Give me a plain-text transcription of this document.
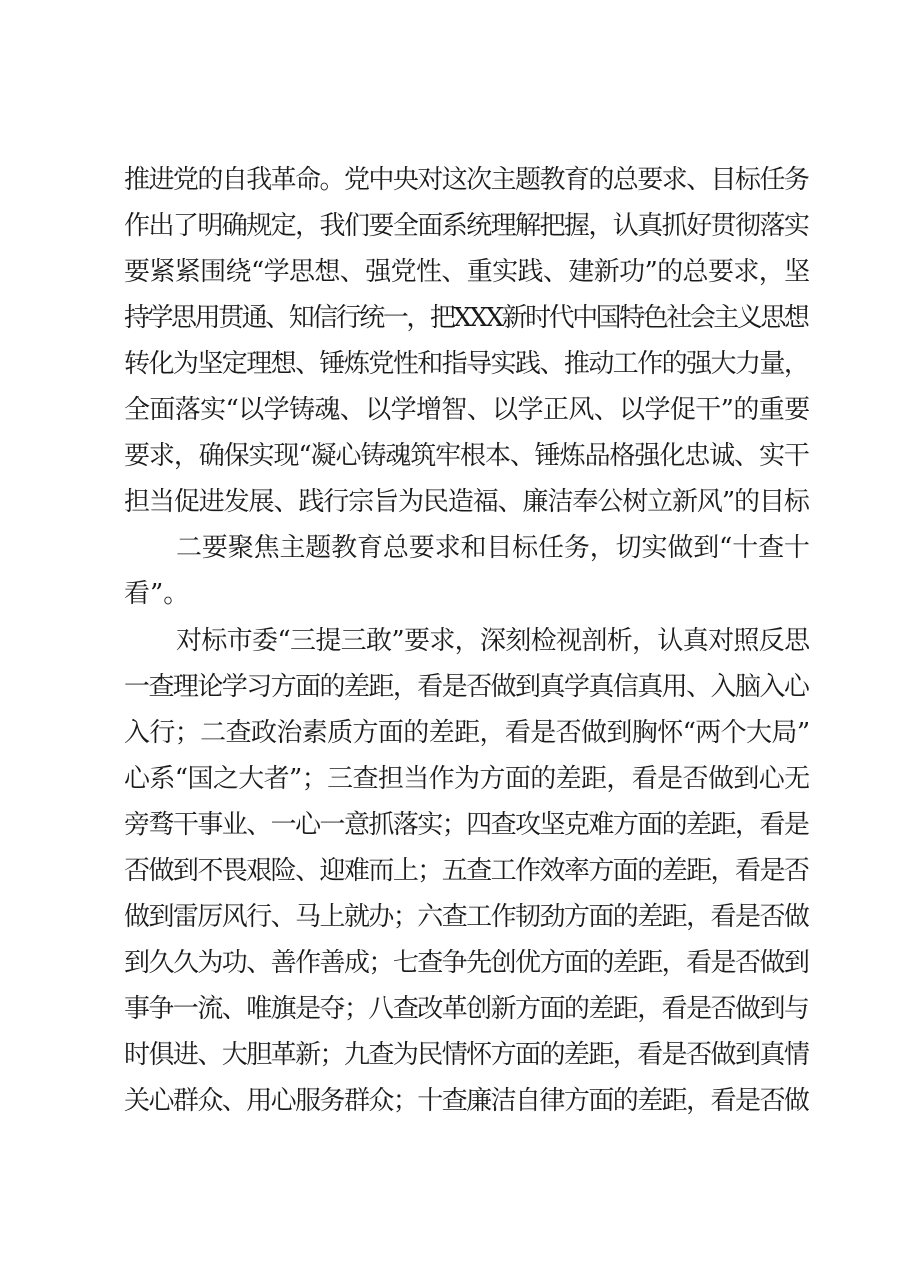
推进党的自我革命。党中央对这次主题教育的总要求、目标任务
作出了明确规定，我们要全面系统理解把握，认真抓好贯彻落实
要紧紧围绕“学思想、强党性、重实践、建新功”的总要求，坚
持学思用贯通、知信行统一，把XXX新时代中国特色社会主义思想
转化为坚定理想、锤炼党性和指导实践、推动工作的强大力量，
全面落实“以学铸魂、以学增智、以学正风、以学促干”的重要
要求，确保实现“凝心铸魂筑牢根本、锤炼品格强化忠诚、实干
担当促进发展、践行宗旨为民造福、廉洁奉公树立新风”的目标
二要聚焦主题教育总要求和目标任务，切实做到“十查十
看”。
对标市委“三提三敢”要求，深刻检视剖析，认真对照反思
一查理论学习方面的差距，看是否做到真学真信真用、入脑入心
入行；二查政治素质方面的差距，看是否做到胸怀“两个大局”
心系“国之大者”；三查担当作为方面的差距，看是否做到心无
旁骛干事业、一心一意抓落实；四查攻坚克难方面的差距，看是
否做到不畏艰险、迎难而上；五查工作效率方面的差距，看是否
做到雷厉风行、马上就办；六查工作韧劲方面的差距，看是否做
到久久为功、善作善成；七查争先创优方面的差距，看是否做到
事争一流、唯旗是夺；八查改革创新方面的差距，看是否做到与
时俱进、大胆革新；九查为民情怀方面的差距，看是否做到真情
关心群众、用心服务群众；十查廉洁自律方面的差距，看是否做
